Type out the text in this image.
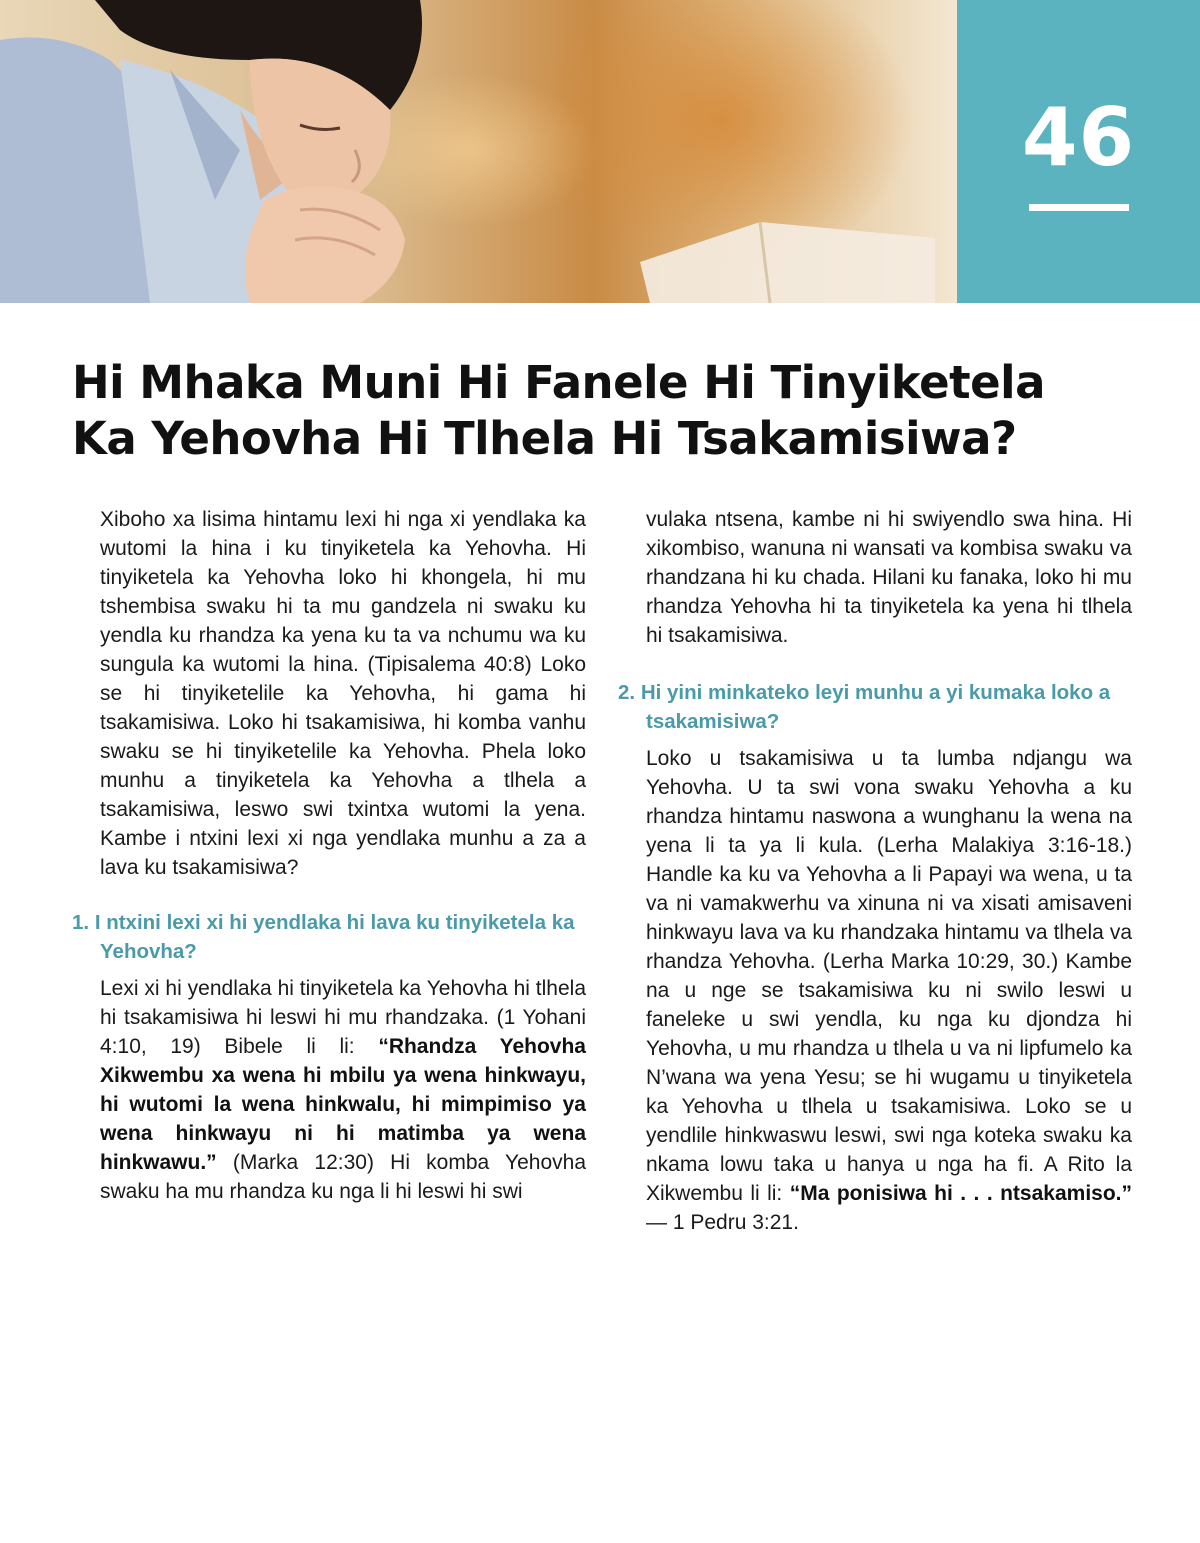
46
Hi Mhaka Muni Hi Fanele Hi Tinyiketela
Ka Yehovha Hi Tlhela Hi Tsakamisiwa?

Xiboho xa lisima hintamu lexi hi nga xi yendlaka ka wutomi la hina i ku tinyiketela ka Yehovha. Hi tinyiketela ka Yehovha loko hi khongela, hi mu tshembisa swaku hi ta mu gandzela ni swaku ku yendla ku rhandza ka yena ku ta va nchumu wa ku sungula ka wutomi la hina. (Tipisalema 40:8) Loko se hi tinyiketelile ka Yehovha, hi gama hi tsakamisiwa. Loko hi tsakamisiwa, hi komba vanhu swaku se hi tinyiketelile ka Yehovha. Phela loko munhu a tinyiketela ka Yehovha a tlhela a tsakamisiwa, leswo swi txintxa wutomi la yena. Kambe i ntxini lexi xi nga yendlaka munhu a za a lava ku tsakamisiwa?

1. I ntxini lexi xi hi yendlaka hi lava ku tinyiketela ka Yehovha?

Lexi xi hi yendlaka hi tinyiketela ka Yehovha hi tlhela hi tsakamisiwa hi leswi hi mu rhandzaka. (1 Yohani 4:10, 19) Bibele li li: “Rhandza Yehovha Xikwembu xa wena hi mbilu ya wena hinkwayu, hi wutomi la wena hinkwalu, hi mimpimiso ya wena hinkwayu ni hi matimba ya wena hinkwawu.” (Marka 12:30) Hi komba Yehovha swaku ha mu rhandza ku nga li hi leswi hi swi

vulaka ntsena, kambe ni hi swiyendlo swa hina. Hi xikombiso, wanuna ni wansati va kombisa swaku va rhandzana hi ku chada. Hilani ku fanaka, loko hi mu rhandza Yehovha hi ta tinyiketela ka yena hi tlhela hi tsakamisiwa.

2. Hi yini minkateko leyi munhu a yi kumaka loko a tsakamisiwa?

Loko u tsakamisiwa u ta lumba ndjangu wa Yehovha. U ta swi vona swaku Yehovha a ku rhandza hintamu naswona a wunghanu la wena na yena li ta ya li kula. (Lerha Malakiya 3:16-18.) Handle ka ku va Yehovha a li Papayi wa wena, u ta va ni vamakwerhu va xinuna ni va xisati amisaveni hinkwayu lava va ku rhandzaka hintamu va tlhela va rhandza Yehovha. (Lerha Marka 10:29, 30.) Kambe na u nge se tsakamisiwa ku ni swilo leswi u faneleke u swi yendla, ku nga ku djondza hi Yehovha, u mu rhandza u tlhela u va ni lipfumelo ka N’wana wa yena Yesu; se hi wugamu u tinyiketela ka Yehovha u tlhela u tsakamisiwa. Loko se u yendlile hinkwaswu leswi, swi nga koteka swaku ka nkama lowu taka u hanya u nga ha fi. A Rito la Xikwembu li li: “Ma ponisiwa hi . . . ntsakamiso.” — 1 Pedru 3:21.
